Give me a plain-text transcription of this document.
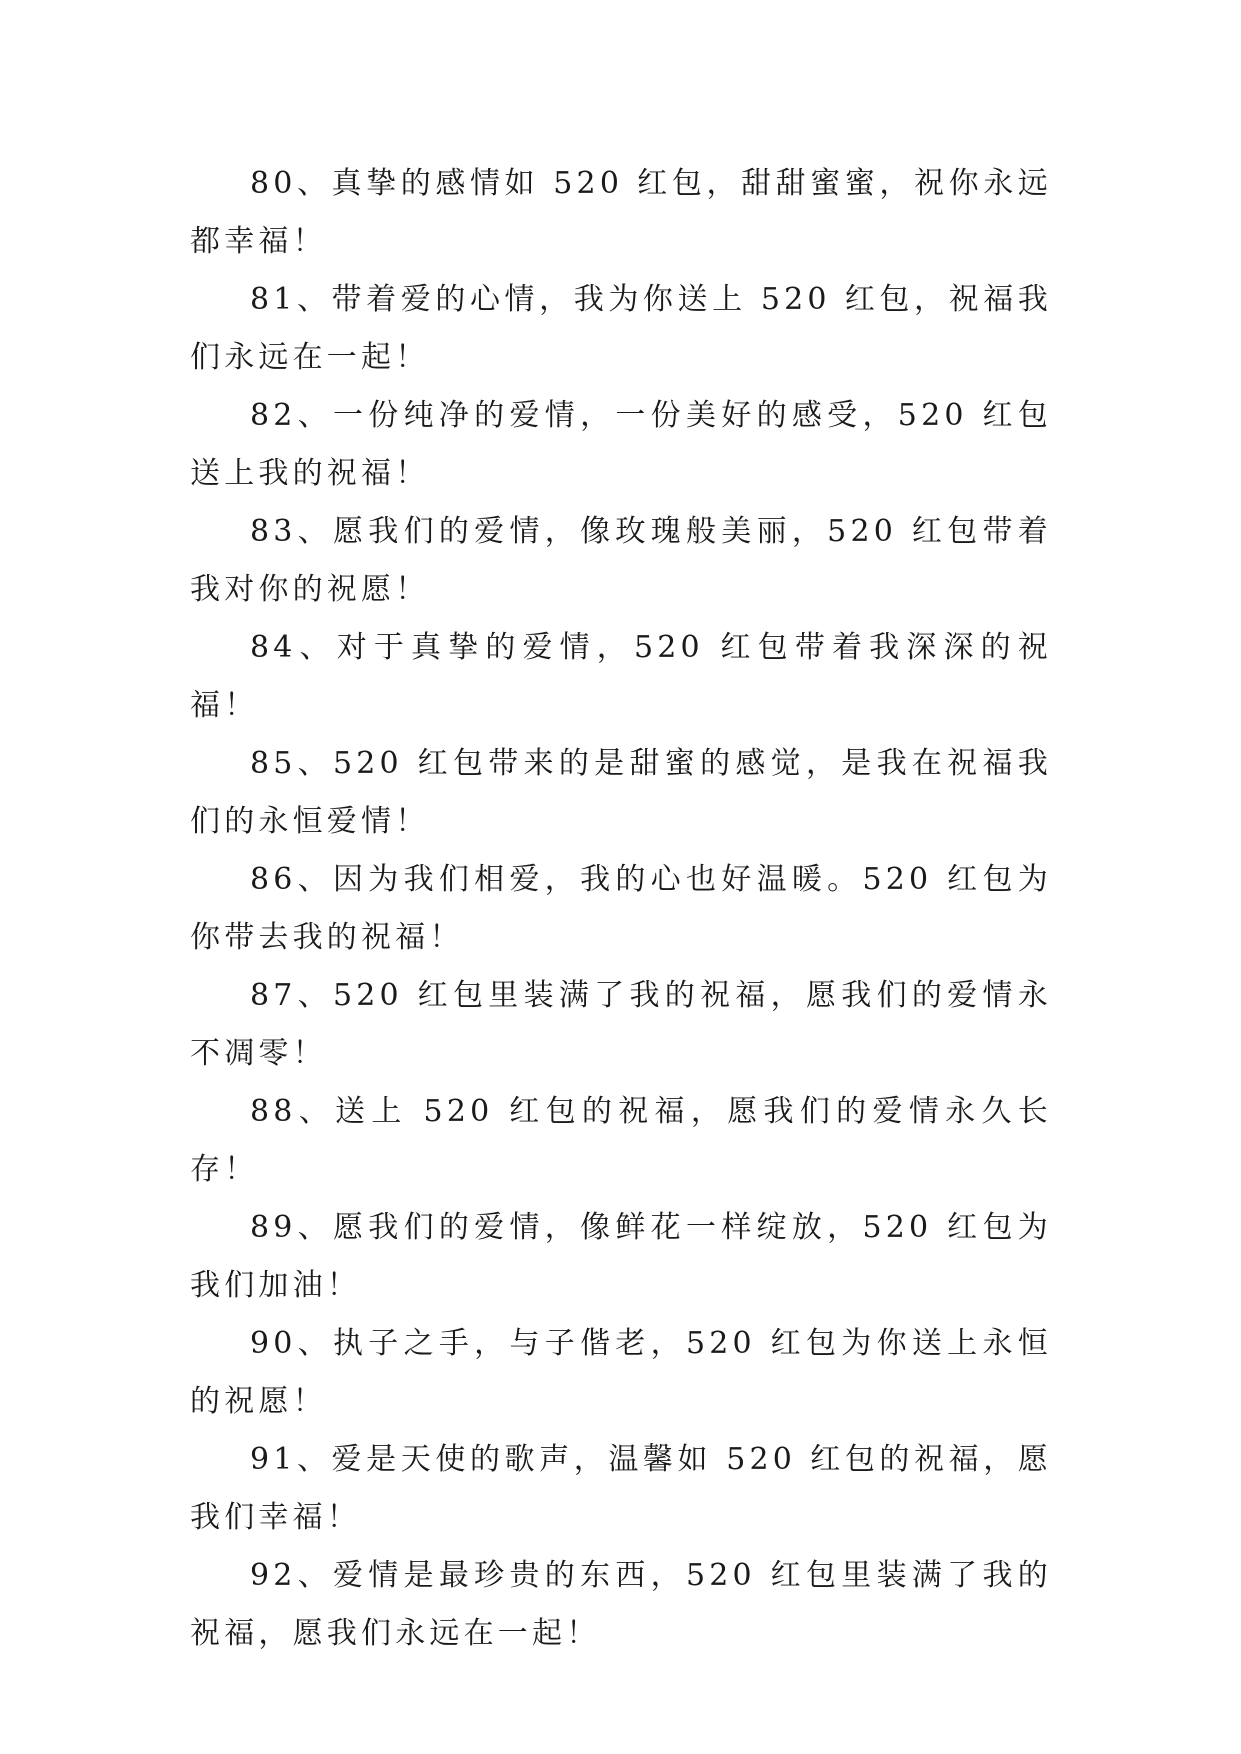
80、真挚的感情如 520 红包，甜甜蜜蜜，祝你永远都幸福！

81、带着爱的心情，我为你送上 520 红包，祝福我们永远在一起！

82、一份纯净的爱情，一份美好的感受，520 红包送上我的祝福！

83、愿我们的爱情，像玫瑰般美丽，520 红包带着我对你的祝愿！

84、对于真挚的爱情，520 红包带着我深深的祝福！

85、520 红包带来的是甜蜜的感觉，是我在祝福我们的永恒爱情！

86、因为我们相爱，我的心也好温暖。520 红包为你带去我的祝福！

87、520 红包里装满了我的祝福，愿我们的爱情永不凋零！

88、送上 520 红包的祝福，愿我们的爱情永久长存！

89、愿我们的爱情，像鲜花一样绽放，520 红包为我们加油！

90、执子之手，与子偕老，520 红包为你送上永恒的祝愿！

91、爱是天使的歌声，温馨如 520 红包的祝福，愿我们幸福！

92、爱情是最珍贵的东西，520 红包里装满了我的祝福，愿我们永远在一起！
